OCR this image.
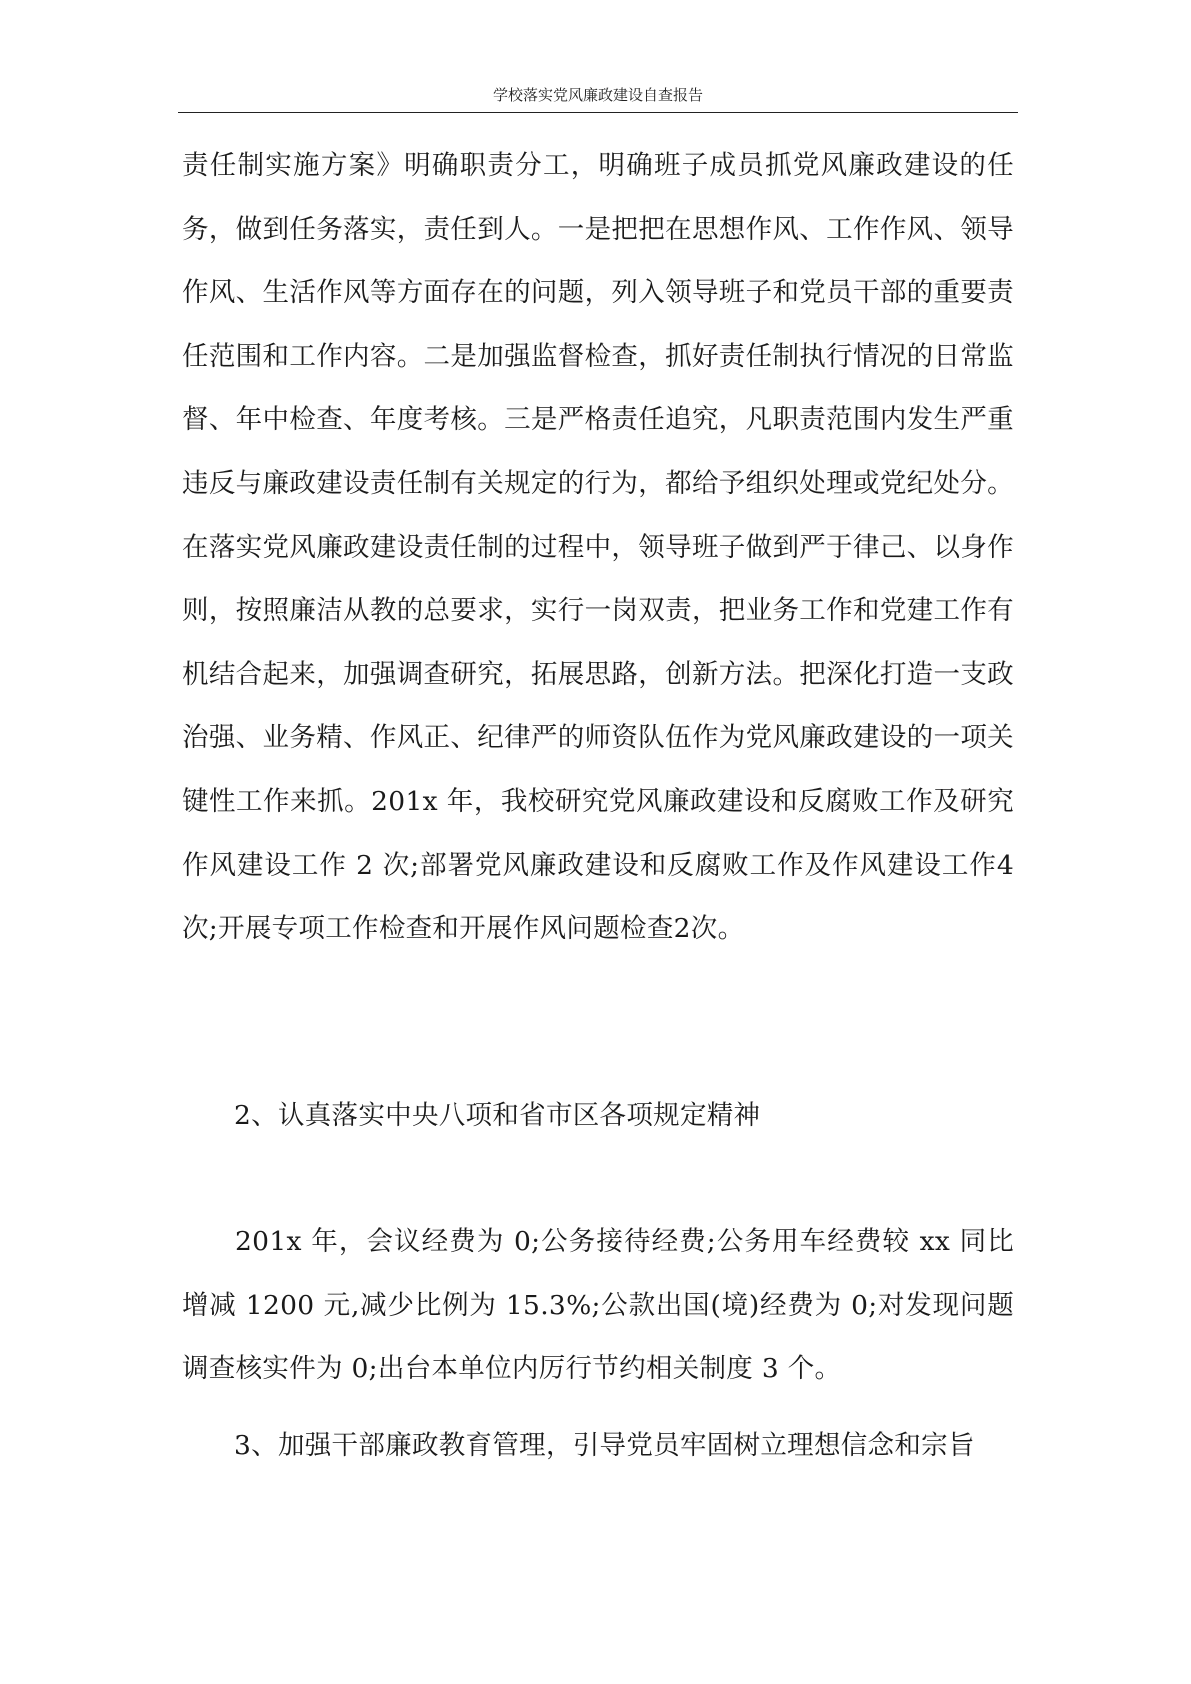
学校落实党风廉政建设自查报告

责任制实施方案》明确职责分工，明确班子成员抓党风廉政建设的任务，做到任务落实，责任到人。一是把把在思想作风、工作作风、领导作风、生活作风等方面存在的问题，列入领导班子和党员干部的重要责任范围和工作内容。二是加强监督检查，抓好责任制执行情况的日常监督、年中检查、年度考核。三是严格责任追究，凡职责范围内发生严重违反与廉政建设责任制有关规定的行为，都给予组织处理或党纪处分。在落实党风廉政建设责任制的过程中，领导班子做到严于律己、以身作则，按照廉洁从教的总要求，实行一岗双责，把业务工作和党建工作有机结合起来，加强调查研究，拓展思路，创新方法。把深化打造一支政治强、业务精、作风正、纪律严的师资队伍作为党风廉政建设的一项关键性工作来抓。201x 年，我校研究党风廉政建设和反腐败工作及研究作风建设工作 2 次;部署党风廉政建设和反腐败工作及作风建设工作4次;开展专项工作检查和开展作风问题检查2次。

2、认真落实中央八项和省市区各项规定精神

201x 年，会议经费为 0;公务接待经费;公务用车经费较 xx 同比增减 1200 元,减少比例为 15.3%;公款出国(境)经费为 0;对发现问题调查核实件为 0;出台本单位内厉行节约相关制度 3 个。

3、加强干部廉政教育管理，引导党员牢固树立理想信念和宗旨
